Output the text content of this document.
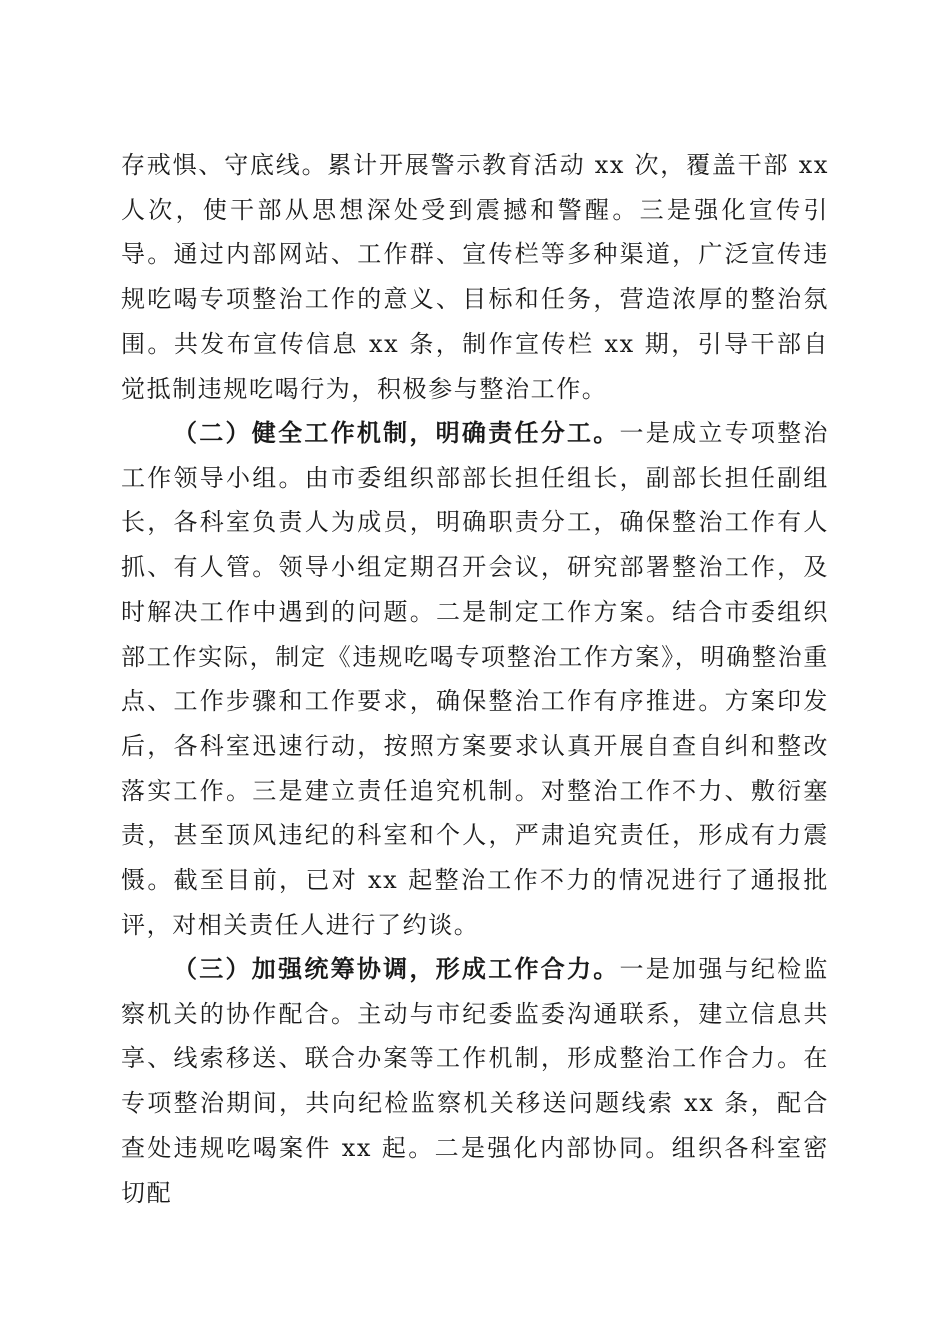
存戒惧、守底线。累计开展警示教育活动 xx 次，覆盖干部 xx 人次，使干部从思想深处受到震撼和警醒。三是强化宣传引导。通过内部网站、工作群、宣传栏等多种渠道，广泛宣传违规吃喝专项整治工作的意义、目标和任务，营造浓厚的整治氛围。共发布宣传信息 xx 条，制作宣传栏 xx 期，引导干部自觉抵制违规吃喝行为，积极参与整治工作。

（二）健全工作机制，明确责任分工。一是成立专项整治工作领导小组。由市委组织部部长担任组长，副部长担任副组长，各科室负责人为成员，明确职责分工，确保整治工作有人抓、有人管。领导小组定期召开会议，研究部署整治工作，及时解决工作中遇到的问题。二是制定工作方案。结合市委组织部工作实际，制定《违规吃喝专项整治工作方案》，明确整治重点、工作步骤和工作要求，确保整治工作有序推进。方案印发后，各科室迅速行动，按照方案要求认真开展自查自纠和整改落实工作。三是建立责任追究机制。对整治工作不力、敷衍塞责，甚至顶风违纪的科室和个人，严肃追究责任，形成有力震慑。截至目前，已对 xx 起整治工作不力的情况进行了通报批评，对相关责任人进行了约谈。

（三）加强统筹协调，形成工作合力。一是加强与纪检监察机关的协作配合。主动与市纪委监委沟通联系，建立信息共享、线索移送、联合办案等工作机制，形成整治工作合力。在专项整治期间，共向纪检监察机关移送问题线索 xx 条，配合查处违规吃喝案件 xx 起。二是强化内部协同。组织各科室密切配
